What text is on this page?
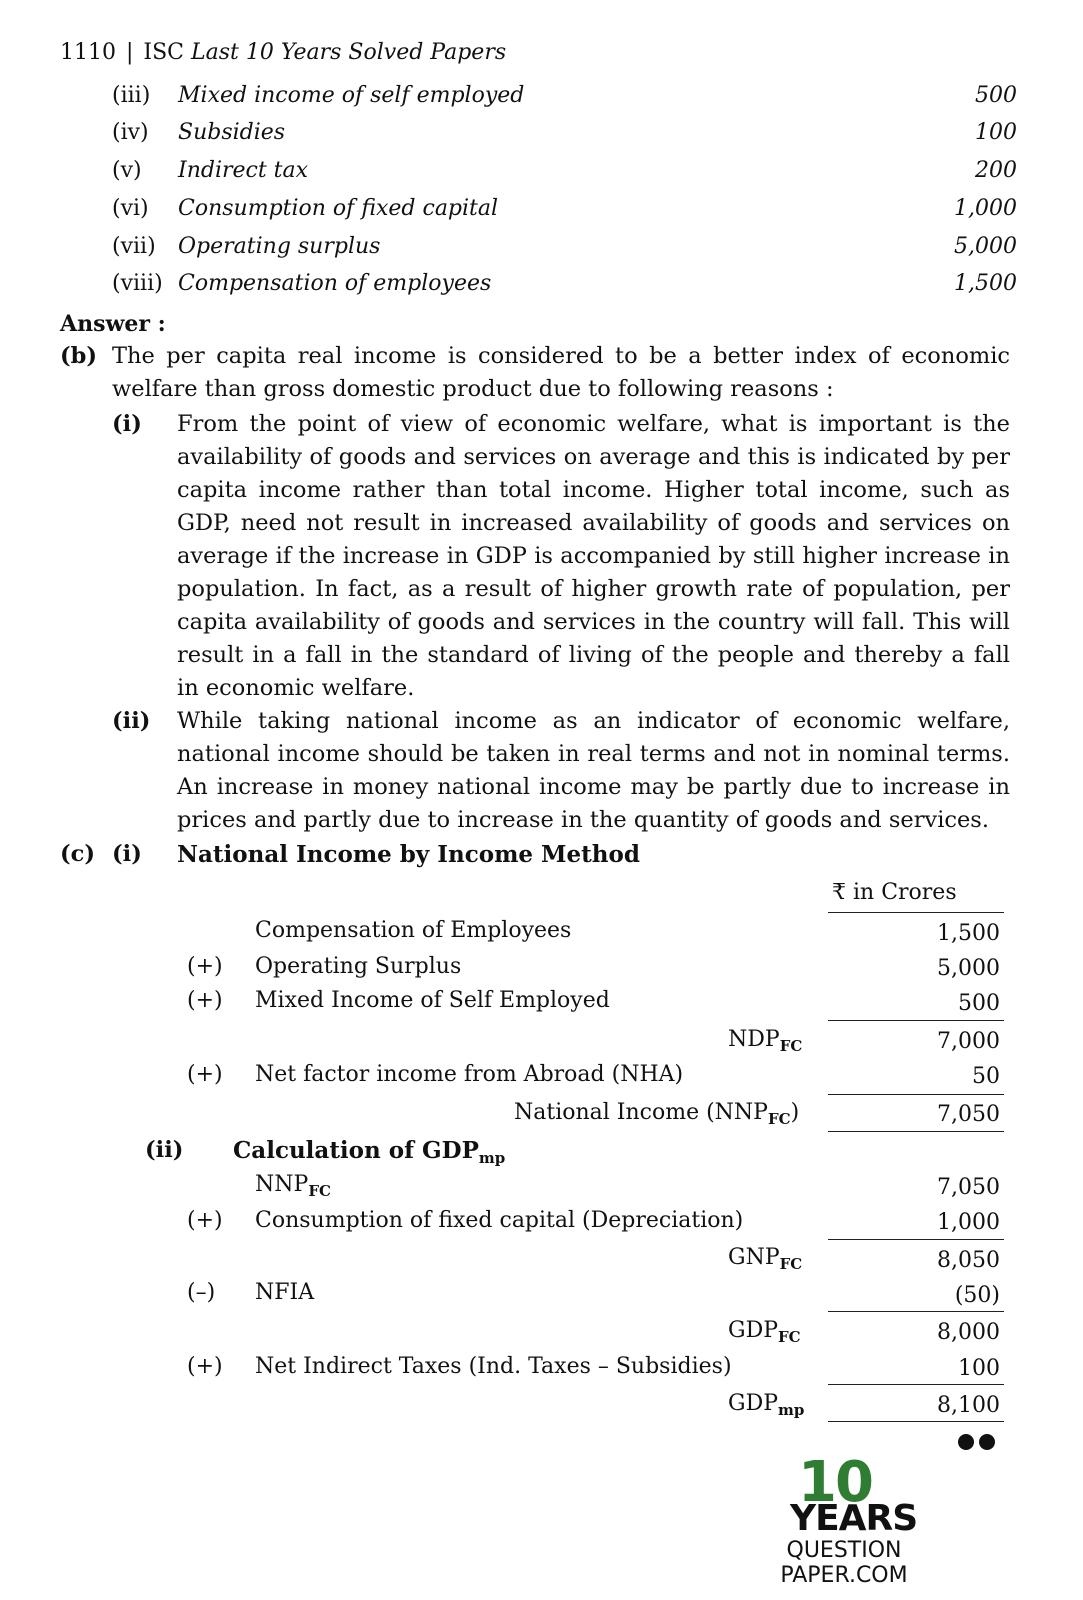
1110 | ISC Last 10 Years Solved Papers
(iii) Mixed income of self employed	500
(iv) Subsidies	100
(v) Indirect tax	200
(vi) Consumption of fixed capital	1,000
(vii) Operating surplus	5,000
(viii) Compensation of employees	1,500
Answer :
(b) The per capita real income is considered to be a better index of economic welfare than gross domestic product due to following reasons :
(i) From the point of view of economic welfare, what is important is the availability of goods and services on average and this is indicated by per capita income rather than total income. Higher total income, such as GDP, need not result in increased availability of goods and services on average if the increase in GDP is accompanied by still higher increase in population. In fact, as a result of higher growth rate of population, per capita availability of goods and services in the country will fall. This will result in a fall in the standard of living of the people and thereby a fall in economic welfare.
(ii) While taking national income as an indicator of economic welfare, national income should be taken in real terms and not in nominal terms. An increase in money national income may be partly due to increase in prices and partly due to increase in the quantity of goods and services.
(c) (i) National Income by Income Method
₹ in Crores
Compensation of Employees	1,500
(+) Operating Surplus	5,000
(+) Mixed Income of Self Employed	500
$NDP_{FC}$	7,000
(+) Net factor income from Abroad (NHA)	50
National Income $(NNP_{FC})$	7,050
(ii) Calculation of $GDP_{mp}$
$NNP_{FC}$	7,050
(+) Consumption of fixed capital (Depreciation)	1,000
$GNP_{FC}$	8,050
(–) NFIA	(50)
$GDP_{FC}$	8,000
(+) Net Indirect Taxes (Ind. Taxes – Subsidies)	100
$GDP_{mp}$	8,100
10
YEARS
QUESTION PAPER.COM
